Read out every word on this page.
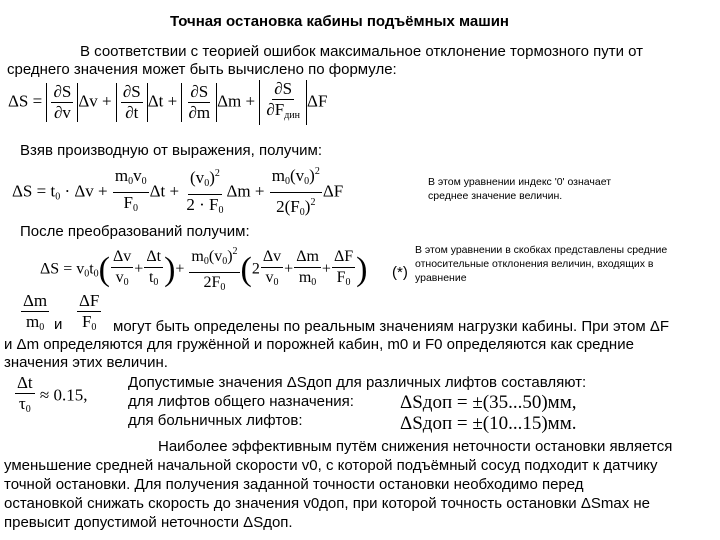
Точная остановка кабины подъёмных машин
В соответствии с теорией ошибок максимальное отклонение тормозного пути от
среднего значения может быть вычислено по формуле:
$\Delta S = \frac{\partial S}{\partial v}$ $\Delta v + \frac{\partial S}{\partial t}$ $\Delta t + \frac{\partial S}{\partial m}$ $\Delta m + \frac{\partial S}{\partial F_{дин}}$ ΔF
Взяв производную от выражения, получим:
$\Delta S = t_0 \cdot \Delta v + \frac{m_0v_0}{F_0}$ $\Delta t + \frac{(v_0)^2}{2 \cdot F_0}$ $\Delta m + \frac{m_0(v_0)^2}{2(F_0)^2}$ ΔF	В этом уравнении индекс '0' означает
среднее значение величин.
После преобразований получим:
$\Delta S = v_0t_0( \frac{\Delta v}{v_0} + \frac{\Delta t}{t_0}$ )+ $\frac{m_0(v_0)^2}{2F_0} (2 \frac{\Delta v}{v_0} + \frac{\Delta m}{m_0} + \frac{\Delta F}{F_0}$ ) (*)
В этом уравнении в скобках представлены средние
относительные отклонения величин, входящих в
уравнение
$\frac{\Delta m}{m_0}$ и $\frac{\Delta F}{F_0}$ могут быть определены по реальным значениям нагрузки кабины. При этом ΔF
и Δm определяются для гружённой и порожней кабин, m0 и F0 определяются как средние
значения этих величин.
$\frac{\Delta t}{\tau_0} \approx 0.15$,
Допустимые значения ΔSдоп для различных лифтов составляют:
для лифтов общего назначения:
для больничных лифтов:
ΔSдоп = ±(35...50)мм,
ΔSдоп = ±(10...15)мм.
Наиболее эффективным путём снижения неточности остановки является
уменьшение средней начальной скорости v0, с которой подъёмный сосуд подходит к датчику
точной остановки. Для получения заданной точности остановки необходимо перед
остановкой снижать скорость до значения v0доп, при которой точность остановки ΔSmax не
превысит допустимой неточности ΔSдоп.
